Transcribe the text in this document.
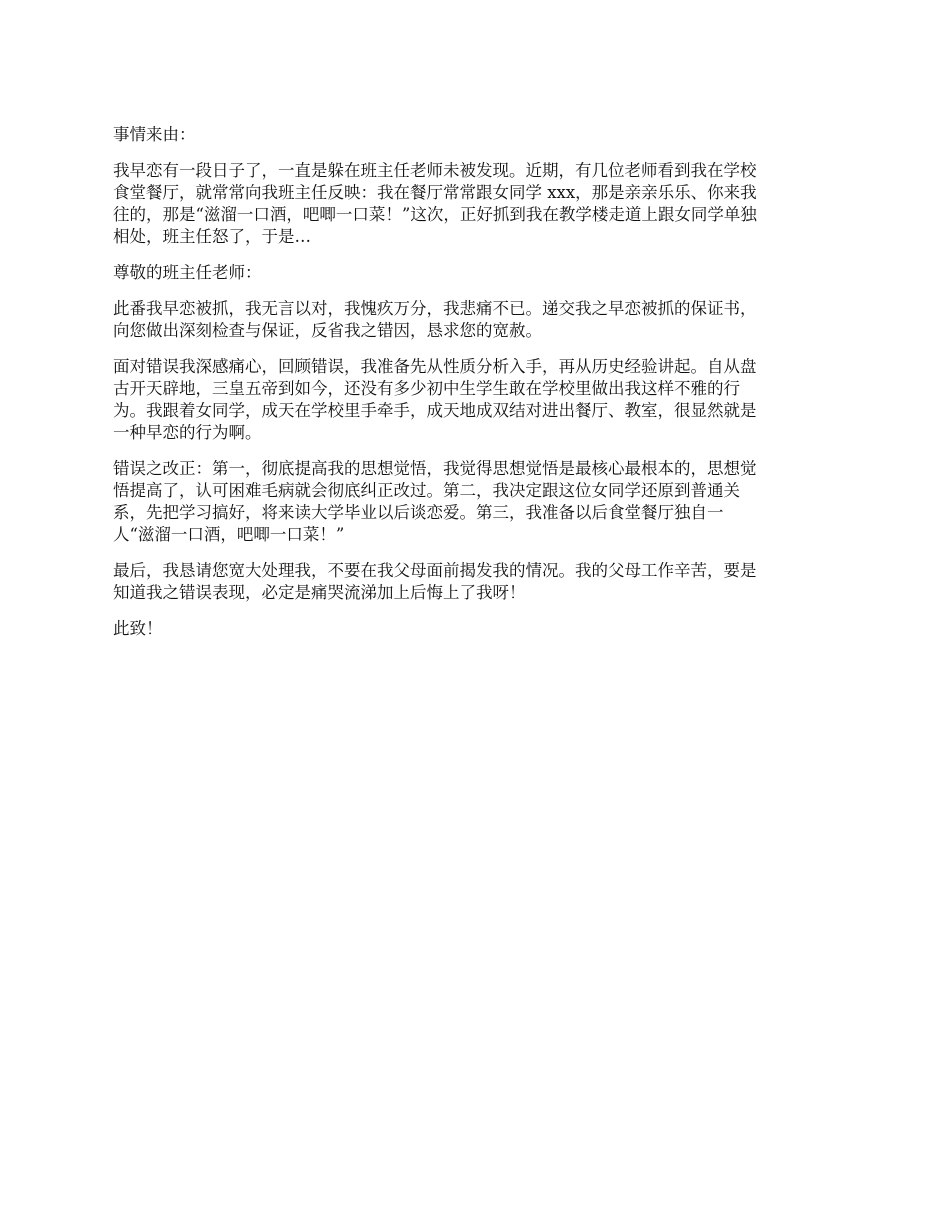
事情来由：

我早恋有一段日子了，一直是躲在班主任老师未被发现。近期，有几位老师看到我在学校
食堂餐厅，就常常向我班主任反映：我在餐厅常常跟女同学 xxx，那是亲亲乐乐、你来我
往的，那是“滋溜一口酒，吧唧一口菜！”这次，正好抓到我在教学楼走道上跟女同学单独
相处，班主任怒了，于是…

尊敬的班主任老师：

此番我早恋被抓，我无言以对，我愧疚万分，我悲痛不已。递交我之早恋被抓的保证书，
向您做出深刻检查与保证，反省我之错因，恳求您的宽赦。

面对错误我深感痛心，回顾错误，我准备先从性质分析入手，再从历史经验讲起。自从盘
古开天辟地，三皇五帝到如今，还没有多少初中生学生敢在学校里做出我这样不雅的行
为。我跟着女同学，成天在学校里手牵手，成天地成双结对进出餐厅、教室，很显然就是
一种早恋的行为啊。

错误之改正：第一，彻底提高我的思想觉悟，我觉得思想觉悟是最核心最根本的，思想觉
悟提高了，认可困难毛病就会彻底纠正改过。第二，我决定跟这位女同学还原到普通关
系，先把学习搞好，将来读大学毕业以后谈恋爱。第三，我准备以后食堂餐厅独自一
人“滋溜一口酒，吧唧一口菜！”

最后，我恳请您宽大处理我，不要在我父母面前揭发我的情况。我的父母工作辛苦，要是
知道我之错误表现，必定是痛哭流涕加上后悔上了我呀！

此致！
